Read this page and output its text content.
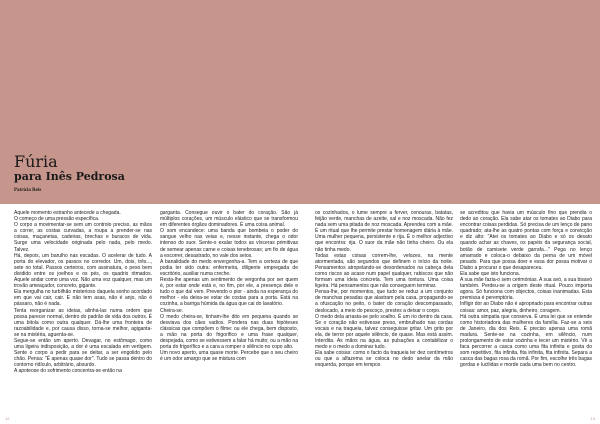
Fúria
para Inês Pedrosa

Patrícia Reis

Aquele momento estranho antecede a chegada.

O começo de uma pressão específica.

O corpo a movimentar-se sem um controlo preciso, as mãos a correr, as costas curvadas, a roupa a prender-se nas coisas, maçanetas, cadeiras, brechas e buracos de vida. Surge uma velocidade originada pelo nada, pelo medo. Talvez.

Há, depois, um barulho nas escadas. O acelerar de tudo. A porta do elevador, os passos no corredor. Um, dois, três..., sete no total. Passos certeiros, com assinatura, o peso bem dividido entre os joelhos e os pés, os quadris ritmados. Aquele andar como uma voz. Não uma voz qualquer, mas um trovão ameaçador, concreto, gigante.

Ela mergulha no turbilhão misterioso daquela sonho acordado em que vai cair, cair. E não tem asas, não é anjo, não é pássaro, não é nada.

Tenta reorganizar as ideias, alinhá-las numa ordem que possa parecer normal, dentro do padrão de vida dos outros. É uma bitola como outra qualquer. Dá-lhe uma fronteira de razoabilidade e, por causa disso, torna-se melhor, agiganta-se na mistéria, aguenta-se.

Segue-se então um aperto. Devagar, no estômago, como uma ligeira indisposição, a dor é uma escalada em vertigem. Sente o corpo a pedir para se deitar, a ser engolido pelo chão. Pensa: "É apenas quase dor". Tudo se passa dentro do contorno ridículo, arbitrário, absurdo.

A apoteose do sofrimento concentra-se então na

garganta. Consegue ouvir o bater do coração. São já múltiplos corações, um músculo elástico que se transformou em diferentes órgãos dominadores. É uma coisa animal.

O som encandece: uma banda que bombeia o poder do sangue velho nas veias e, nesse instante, chega o odor intenso do suor. Sente-o exalar todos as vísceras primitivas de semear apenas carne e coisas tenebrosas; um fio de água a escorrer, desastrado, no vale dos seios.

A banalidade do medo envergonha-a. Tem a certeza de que podia ter sido outra: enfermeira, diligente empregada de escritório, auxiliar numa creche.

Resta-lhe apenas um sentimento de vergonha por ser quem é, por estar onde está e, no fim, por ele, a presença dele e tudo o que daí vem. Prevendo o pior - ainda na esperança do melhor - ela deixa-se estar de costas para a porta. Está na cozinha, a barriga húmida da água que cai do lavatório.

Cheira-se.

O medo cheira-se, tinham-lhe dito em pequena quando se desviava dos cães vadios. Pondera nas duas hipóteses clássicas que compõem o filme: ou ele chega, bem disposto, a mão na porta do frigorífico e uma frase qualquer, despejada, como se estivessem a falar há muito; ou a mão na porta do frigorífico e a cara a romper o silêncio no copo alto.

Um novo aperto, uma quase morte. Percebe que o seu cheiro é um odor amargo que se mistura com

os cozinhados, o lume sempre a ferver, cenouras, batatas, feijão verde, manchas de azeite, sal e noz moscada. Não fez nada sem uma pitada de noz moscada. Aprendeu com a mãe. É um ritual que lhe permite prestar homenagem diária à mãe. Uma mulher pequena, persistente e rija. É o melhor adjectivo que encontra: rija. O suor da mãe não tinha cheiro. Ou ela não tinha medo.

Todas estas coisas correm-lhe, velozes, na mente atormentada, são segundos que definem o início da noite. Pensamentos atropelando-se desordenados na cabeça dela como riscos ao acaso num papel qualquer, rabiscos que não formam uma ideia concreta. Tem uma tontura. Uma coisa ligeira. Há pensamentos que não conseguem terminar.

Pensa-lhe, por momentos, que tudo se reduz a um conjunto de manchas pesadas que alastram pela casa, propagando-se a ofuscação no peito, o bater do coração descompassado, deslocado, a meio do pescoço, prestes a deixar o corpo.

O medo dela arrasta-se pelo soalho. É um rio dentro da casa. Se o coração não estivesse preso, embrulhado nas cordas vocais e na traqueia, talvez conseguisse gritar. Um grito por ela, de terror por aquele silêncio, de quase. Mas está assim. Interdita. As mãos na água, as pulsações a contabilizar o medo e o medo a dominar tudo.

Ela sabe coisas: como o facto da traqueia ter dez centímetros ou que a alfazema se coloca no dedo anelar da mão esquerda, porque em tempos

se acreditou que havia um músculo fino que prendia o dedo ao coração. Ela sabe atar os tomates ao Diabo para encontrar coisas perdidas. Só precisa de um lenço de pano quadrado; ata-lhe as quatro pontas com força e convicção e diz alto: "Atei os tomates ao Diabo e só os desato quando achar as chaves, os papéis da segurança social, botão de camisete verde garrafa..." Pega no lenço amarrado e coloca-o debaixo da perna de um móvel pesado. Para que possa doer e essa dor possa motivar o Diabo a procurar o que desapareceu.

Ela sabe que isto funciona.

A sua mãe fazia-o sem cerimónias. A sua avó, a sua bisavó também. Perdeu-se a origem deste ritual. Pouco importa agora. Só funciona com objectos, coisas inanimadas. Esta premissa é peremptória.

Infligir dor ao Diabo não é apropriado para encontrar outras coisas: amor, paz, alegria, dinheiro, coragem.

Há outra simpatia que conserva. É uma lei que se entende como historiadora das mulheres da família. Faz-se a seis de Janeiro, dia dos Reis. É preciso apenas uma romã madura. Sente-se na cozinha, em silêncio, num prolongamento de estar sozinha e tecer um mistério. Vê a faca percorrer a casca como uma fita infinita e gosta do som repetitivo, fita infinita, fita infinita, fita infinita. Separa a casca das bagas rosa da romã. Por fim, escolhe três bagas gordas e lucilidas e morde cada uma bem no centro.

12	13
